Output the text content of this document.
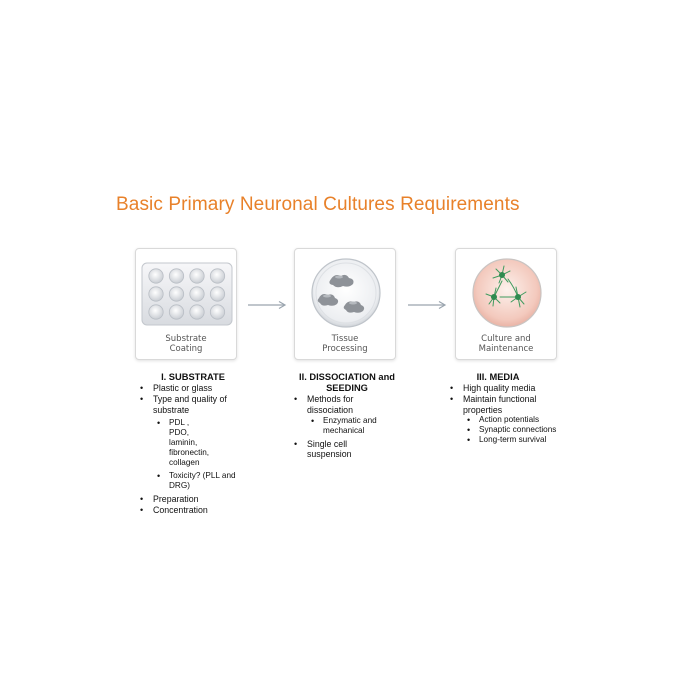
Basic Primary Neuronal Cultures Requirements
Substrate
Coating
Tissue
Processing
Culture and
Maintenance
I. SUBSTRATE
• Plastic or glass
• Type and quality of substrate
• PDL , PDO, laminin, fibronectin, collagen
• Toxicity? (PLL and DRG)
• Preparation
• Concentration
II. DISSOCIATION and
SEEDING
• Methods for dissociation
• Enzymatic and mechanical
• Single cell suspension
III. MEDIA
• High quality media
• Maintain functional properties
• Action potentials
• Synaptic connections
• Long-term survival
